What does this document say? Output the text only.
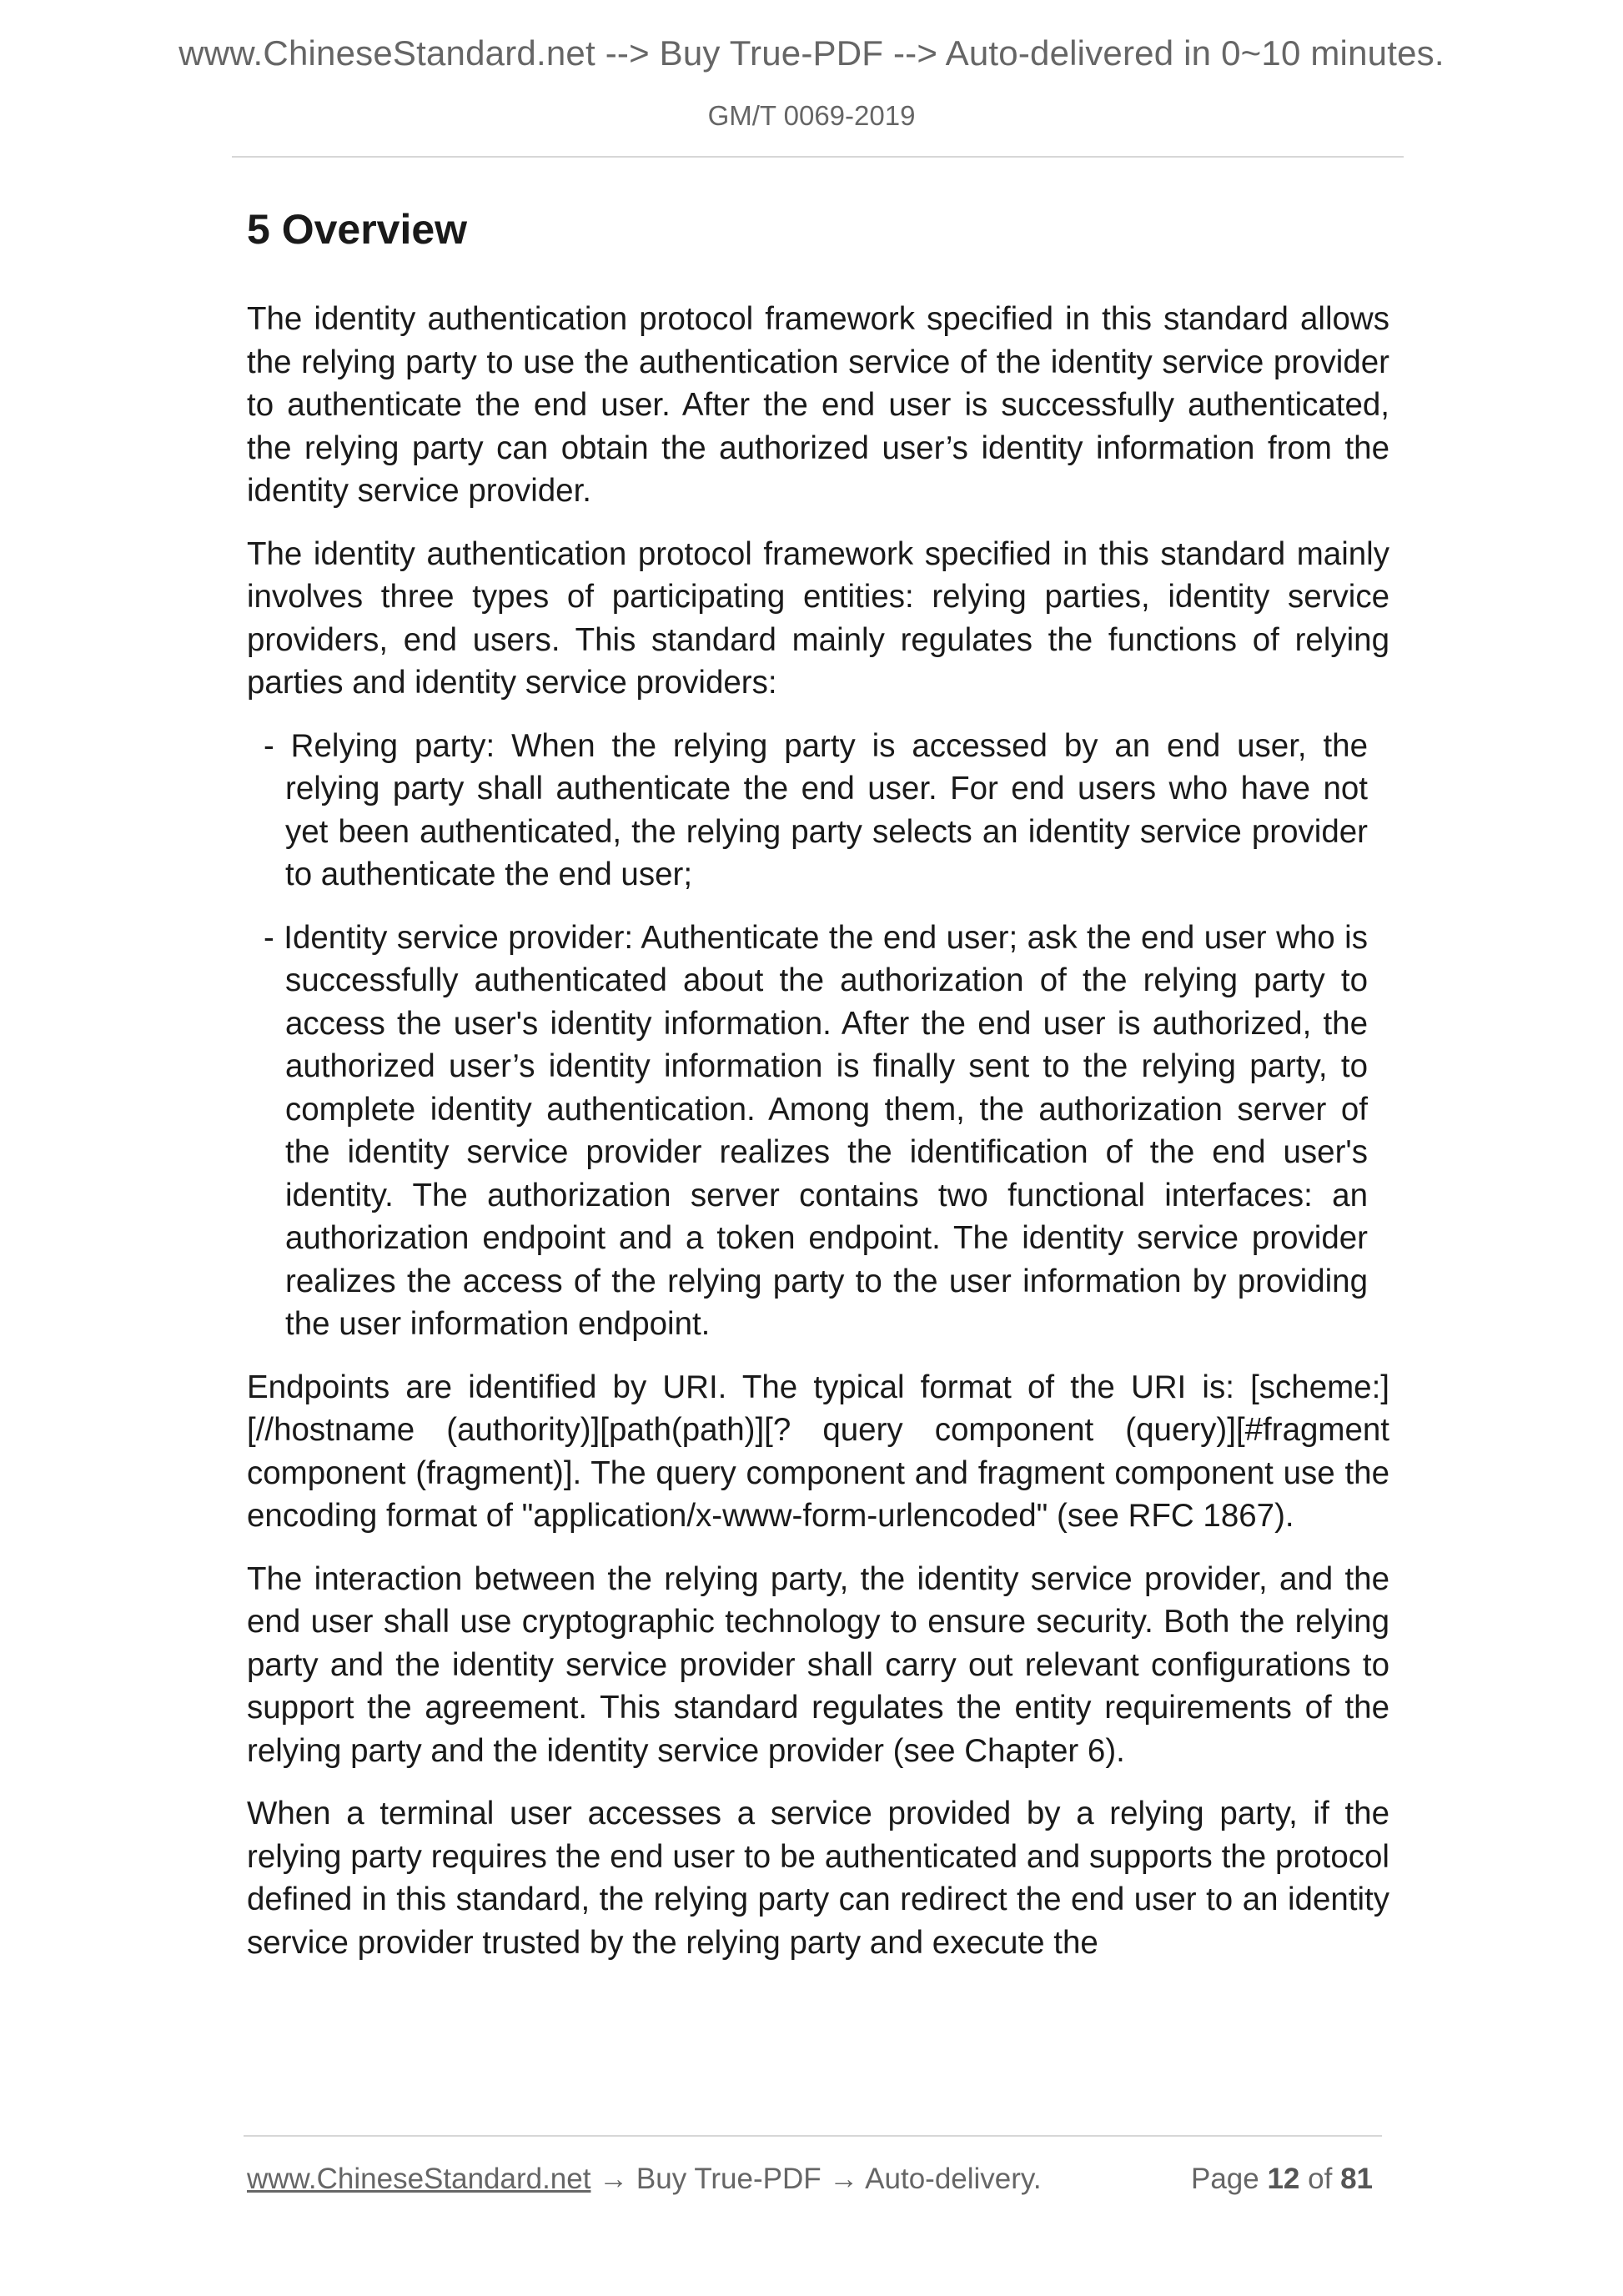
www.ChineseStandard.net --> Buy True-PDF --> Auto-delivered in 0~10 minutes.
GM/T 0069-2019
5 Overview

The identity authentication protocol framework specified in this standard allows the relying party to use the authentication service of the identity service provider to authenticate the end user. After the end user is successfully authenticated, the relying party can obtain the authorized user’s identity information from the identity service provider.

The identity authentication protocol framework specified in this standard mainly involves three types of participating entities: relying parties, identity service providers, end users. This standard mainly regulates the functions of relying parties and identity service providers:

- Relying party: When the relying party is accessed by an end user, the relying party shall authenticate the end user. For end users who have not yet been authenticated, the relying party selects an identity service provider to authenticate the end user;

- Identity service provider: Authenticate the end user; ask the end user who is successfully authenticated about the authorization of the relying party to access the user's identity information. After the end user is authorized, the authorized user’s identity information is finally sent to the relying party, to complete identity authentication. Among them, the authorization server of the identity service provider realizes the identification of the end user's identity. The authorization server contains two functional interfaces: an authorization endpoint and a token endpoint. The identity service provider realizes the access of the relying party to the user information by providing the user information endpoint.

Endpoints are identified by URI. The typical format of the URI is: [scheme:][//hostname (authority)][path(path)][? query component (query)][#fragment component (fragment)]. The query component and fragment component use the encoding format of "application/x-www-form-urlencoded" (see RFC 1867).

The interaction between the relying party, the identity service provider, and the end user shall use cryptographic technology to ensure security. Both the relying party and the identity service provider shall carry out relevant configurations to support the agreement. This standard regulates the entity requirements of the relying party and the identity service provider (see Chapter 6).

When a terminal user accesses a service provided by a relying party, if the relying party requires the end user to be authenticated and supports the protocol defined in this standard, the relying party can redirect the end user to an identity service provider trusted by the relying party and execute the

www.ChineseStandard.net → Buy True-PDF → Auto-delivery.	Page 12 of 81
